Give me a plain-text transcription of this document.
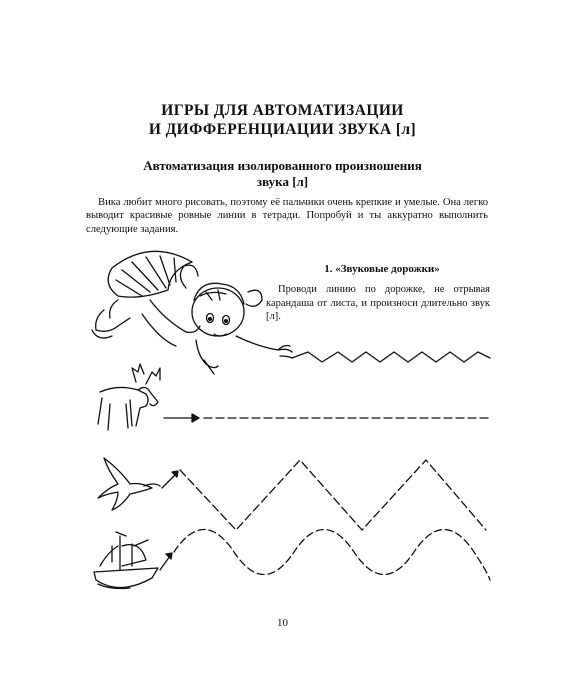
ИГРЫ ДЛЯ АВТОМАТИЗАЦИИ
И ДИФФЕРЕНЦИАЦИИ ЗВУКА [л]
Автоматизация изолированного произношения
звука [л]

Вика любит много рисовать, поэтому её пальчики очень крепкие и умелые. Она легко выводит красивые ровные линии в тетради. Попробуй и ты аккуратно выполнить следующие задания.

1. «Звуковые дорожки»

Проводи линию по дорожке, не отрывая карандаша от листа, и произноси длительно звук [л].

10
